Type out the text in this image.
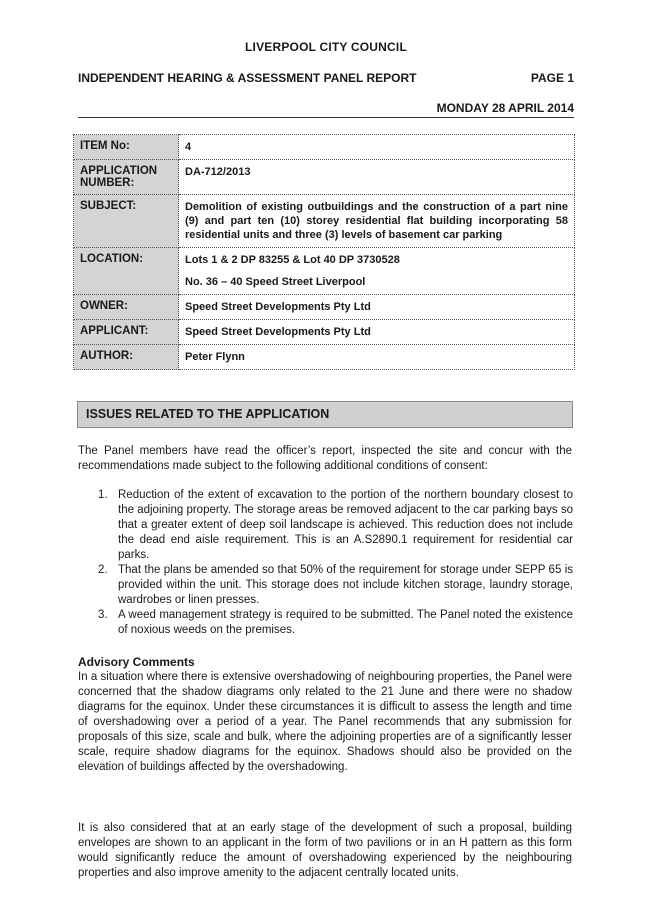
LIVERPOOL CITY COUNCIL
INDEPENDENT HEARING & ASSESSMENT PANEL REPORT	PAGE 1
MONDAY 28 APRIL 2014
ITEM No:	4
APPLICATION NUMBER:	DA-712/2013
SUBJECT:	Demolition of existing outbuildings and the construction of a part nine (9) and part ten (10) storey residential flat building incorporating 58 residential units and three (3) levels of basement car parking
LOCATION:	Lots 1 & 2 DP 83255 & Lot 40 DP 3730528
No. 36 – 40 Speed Street Liverpool

OWNER:	Speed Street Developments Pty Ltd
APPLICANT:	Speed Street Developments Pty Ltd
AUTHOR:	Peter Flynn
ISSUES RELATED TO THE APPLICATION
The Panel members have read the officer’s report, inspected the site and concur with the recommendations made subject to the following additional conditions of consent:
1. Reduction of the extent of excavation to the portion of the northern boundary closest to the adjoining property. The storage areas be removed adjacent to the car parking bays so that a greater extent of deep soil landscape is achieved. This reduction does not include the dead end aisle requirement. This is an A.S2890.1 requirement for residential car parks.
2. That the plans be amended so that 50% of the requirement for storage under SEPP 65 is provided within the unit. This storage does not include kitchen storage, laundry storage, wardrobes or linen presses.
3. A weed management strategy is required to be submitted. The Panel noted the existence of noxious weeds on the premises.
Advisory Comments
In a situation where there is extensive overshadowing of neighbouring properties, the Panel were concerned that the shadow diagrams only related to the 21 June and there were no shadow diagrams for the equinox. Under these circumstances it is difficult to assess the length and time of overshadowing over a period of a year. The Panel recommends that any submission for proposals of this size, scale and bulk, where the adjoining properties are of a significantly lesser scale, require shadow diagrams for the equinox. Shadows should also be provided on the elevation of buildings affected by the overshadowing.
It is also considered that at an early stage of the development of such a proposal, building envelopes are shown to an applicant in the form of two pavilions or in an H pattern as this form would significantly reduce the amount of overshadowing experienced by the neighbouring properties and also improve amenity to the adjacent centrally located units.
